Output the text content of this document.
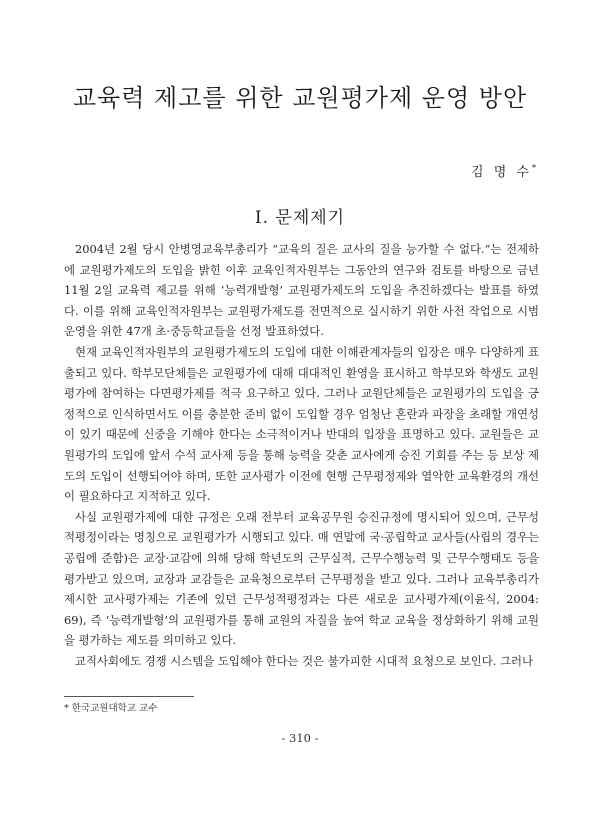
교육력 제고를 위한 교원평가제 운영 방안
김 명 수*
Ⅰ. 문제제기

2004년 2월 당시 안병영교육부총리가 “교육의 질은 교사의 질을 능가할 수 없다.”는 전제하에 교원평가제도의 도입을 밝힌 이후 교육인적자원부는 그동안의 연구와 검토를 바탕으로 금년 11월 2일 교육력 제고를 위해 ‘능력개발형’ 교원평가제도의 도입을 추진하겠다는 발표를 하였다. 이를 위해 교육인적자원부는 교원평가제도를 전면적으로 실시하기 위한 사전 작업으로 시범운영을 위한 47개 초·중등학교들을 선정 발표하였다.

현재 교육인적자원부의 교원평가제도의 도입에 대한 이해관계자들의 입장은 매우 다양하게 표출되고 있다. 학부모단체들은 교원평가에 대해 대대적인 환영을 표시하고 학부모와 학생도 교원평가에 참여하는 다면평가제를 적극 요구하고 있다. 그러나 교원단체들은 교원평가의 도입을 긍정적으로 인식하면서도 이를 충분한 준비 없이 도입할 경우 엄청난 혼란과 파장을 초래할 개연성이 있기 때문에 신중을 기해야 한다는 소극적이거나 반대의 입장을 표명하고 있다. 교원들은 교원평가의 도입에 앞서 수석 교사제 등을 통해 능력을 갖춘 교사에게 승진 기회를 주는 등 보상 제도의 도입이 선행되어야 하며, 또한 교사평가 이전에 현행 근무평정제와 열악한 교육환경의 개선이 필요하다고 지적하고 있다.

사실 교원평가제에 대한 규정은 오래 전부터 교육공무원 승진규정에 명시되어 있으며, 근무성적평정이라는 명칭으로 교원평가가 시행되고 있다. 매 연말에 국·공립학교 교사들(사립의 경우는 공립에 준함)은 교장·교감에 의해 당해 학년도의 근무실적, 근무수행능력 및 근무수행태도 등을 평가받고 있으며, 교장과 교감들은 교육청으로부터 근무평정을 받고 있다. 그러나 교육부총리가 제시한 교사평가제는 기존에 있던 근무성적평정과는 다른 새로운 교사평가제(이윤식, 2004: 69), 즉 ‘능력개발형’의 교원평가를 통해 교원의 자질을 높여 학교 교육을 정상화하기 위해 교원을 평가하는 제도를 의미하고 있다.

교직사회에도 경쟁 시스템을 도입해야 한다는 것은 불가피한 시대적 요청으로 보인다. 그러나

* 한국교원대학교 교수
- 310 -
